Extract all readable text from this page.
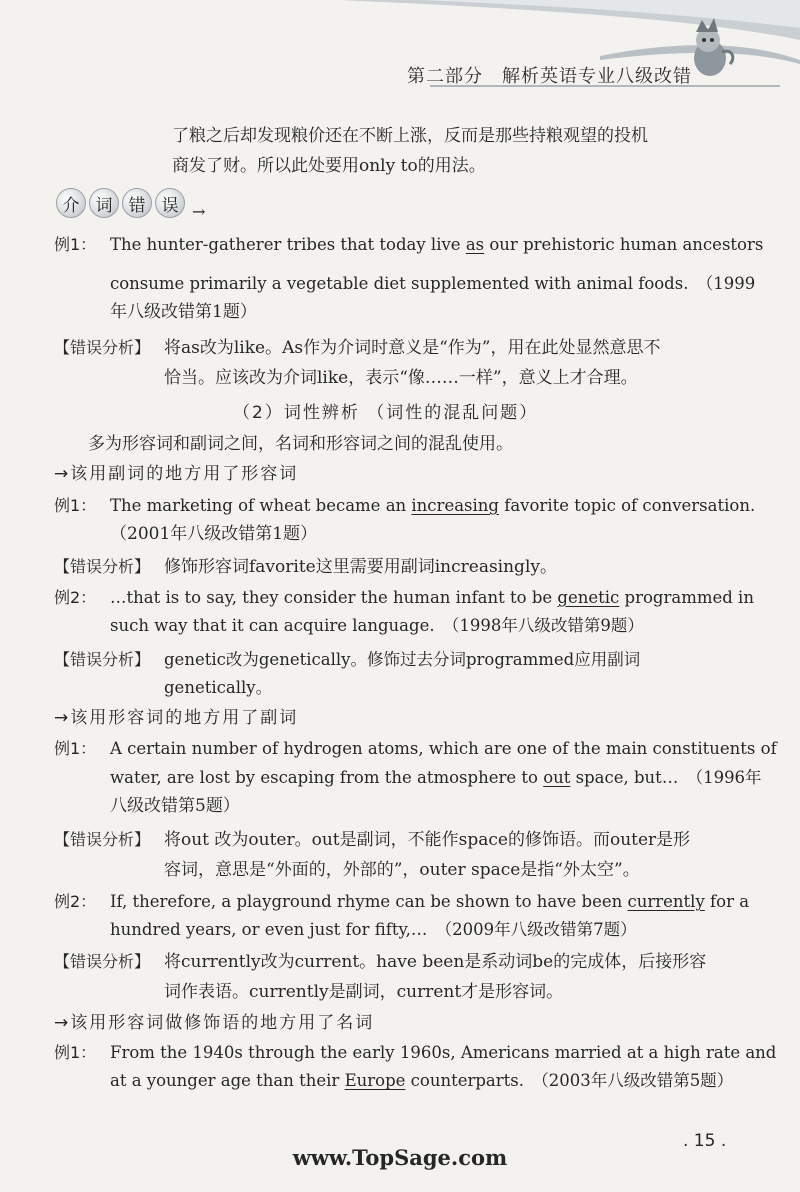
第二部分　解析英语专业八级改错
了粮之后却发现粮价还在不断上涨，反而是那些持粮观望的投机
商发了财。所以此处要用only to的用法。
介 词 错 误 →
例1： The hunter-gatherer tribes that today live as our prehistoric human ancestors
consume primarily a vegetable diet supplemented with animal foods.　（1999
年八级改错第1题）
【错误分析】 将as改为like。As作为介词时意义是“作为”，用在此处显然意思不
恰当。应该改为介词like，表示“像……一样”，意义上才合理。
（2）词性辨析 （词性的混乱问题）
多为形容词和副词之间，名词和形容词之间的混乱使用。
→该用副词的地方用了形容词
例1： The marketing of wheat became an increasing favorite topic of conversation.
（2001年八级改错第1题）
【错误分析】 修饰形容词favorite这里需要用副词increasingly。
例2： …that is to say, they consider the human infant to be genetic programmed in
such way that it can acquire language.　（1998年八级改错第9题）
【错误分析】 genetic改为genetically。修饰过去分词programmed应用副词
genetically。
→该用形容词的地方用了副词
例1： A certain number of hydrogen atoms, which are one of the main constituents of
water, are lost by escaping from the atmosphere to out space, but…　（1996年
八级改错第5题）
【错误分析】 将out 改为outer。out是副词，不能作space的修饰语。而outer是形
容词，意思是“外面的，外部的”，outer space是指“外太空”。
例2： If, therefore, a playground rhyme can be shown to have been currently for a
hundred years, or even just for fifty,…　（2009年八级改错第7题）
【错误分析】 将currently改为current。have been是系动词be的完成体，后接形容
词作表语。currently是副词，current才是形容词。
→该用形容词做修饰语的地方用了名词
例1： From the 1940s through the early 1960s, Americans married at a high rate and
at a younger age than their Europe counterparts.　（2003年八级改错第5题）
. 15 .
www.TopSage.com
